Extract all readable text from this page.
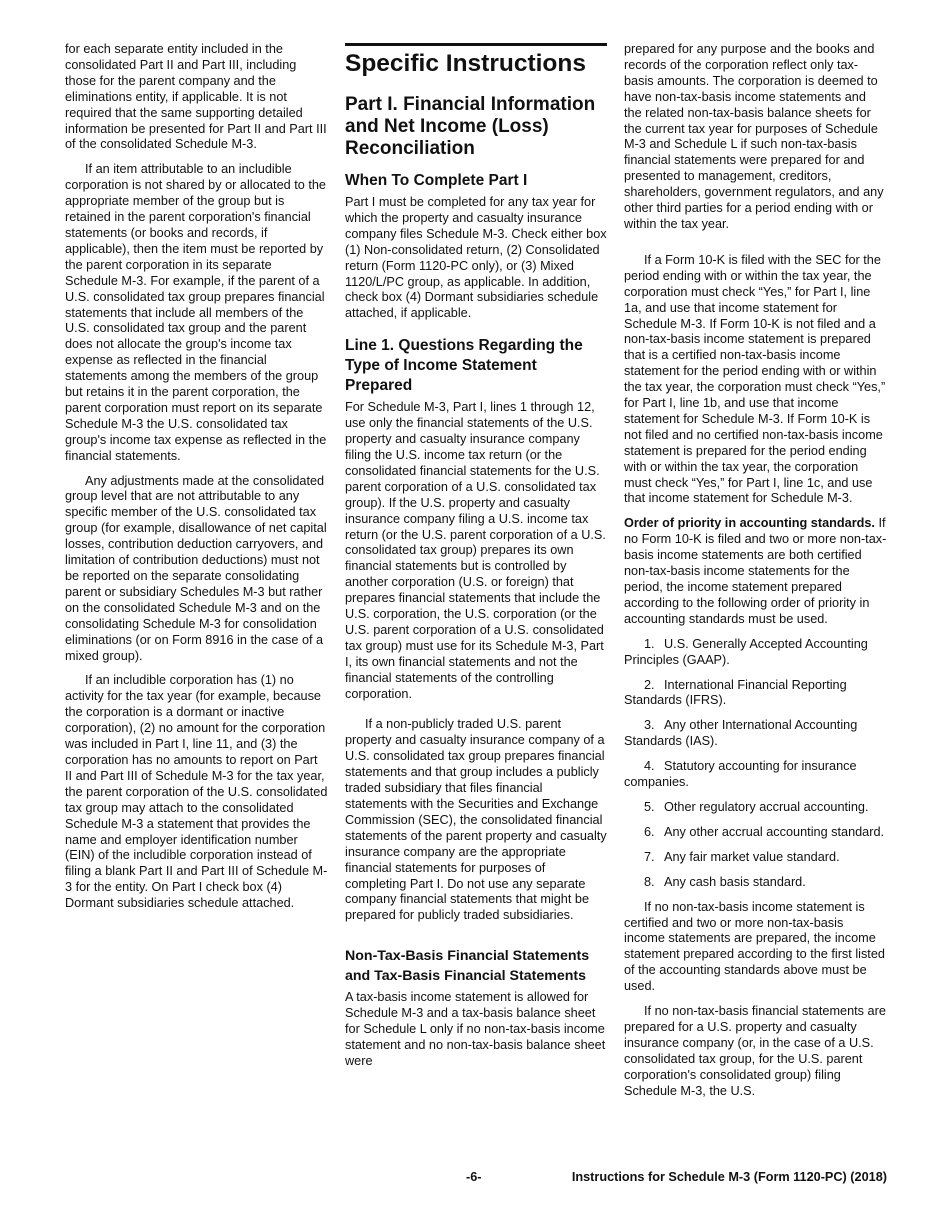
for each separate entity included in the consolidated Part II and Part III, including those for the parent company and the eliminations entity, if applicable. It is not required that the same supporting detailed information be presented for Part II and Part III of the consolidated Schedule M-3.

If an item attributable to an includible corporation is not shared by or allocated to the appropriate member of the group but is retained in the parent corporation's financial statements (or books and records, if applicable), then the item must be reported by the parent corporation in its separate Schedule M-3. For example, if the parent of a U.S. consolidated tax group prepares financial statements that include all members of the U.S. consolidated tax group and the parent does not allocate the group's income tax expense as reflected in the financial statements among the members of the group but retains it in the parent corporation, the parent corporation must report on its separate Schedule M-3 the U.S. consolidated tax group's income tax expense as reflected in the financial statements.

Any adjustments made at the consolidated group level that are not attributable to any specific member of the U.S. consolidated tax group (for example, disallowance of net capital losses, contribution deduction carryovers, and limitation of contribution deductions) must not be reported on the separate consolidating parent or subsidiary Schedules M-3 but rather on the consolidated Schedule M-3 and on the consolidating Schedule M-3 for consolidation eliminations (or on Form 8916 in the case of a mixed group).

If an includible corporation has (1) no activity for the tax year (for example, because the corporation is a dormant or inactive corporation), (2) no amount for the corporation was included in Part I, line 11, and (3) the corporation has no amounts to report on Part II and Part III of Schedule M-3 for the tax year, the parent corporation of the U.S. consolidated tax group may attach to the consolidated Schedule M-3 a statement that provides the name and employer identification number (EIN) of the includible corporation instead of filing a blank Part II and Part III of Schedule M-3 for the entity. On Part I check box (4) Dormant subsidiaries schedule attached.

Specific Instructions
Part I. Financial Information and Net Income (Loss) Reconciliation
When To Complete Part I

Part I must be completed for any tax year for which the property and casualty insurance company files Schedule M-3. Check either box (1) Non-consolidated return, (2) Consolidated return (Form 1120-PC only), or (3) Mixed 1120/L/PC group, as applicable. In addition, check box (4) Dormant subsidiaries schedule attached, if applicable.

Line 1. Questions Regarding the Type of Income Statement Prepared

For Schedule M-3, Part I, lines 1 through 12, use only the financial statements of the U.S. property and casualty insurance company filing the U.S. income tax return (or the consolidated financial statements for the U.S. parent corporation of a U.S. consolidated tax group). If the U.S. property and casualty insurance company filing a U.S. income tax return (or the U.S. parent corporation of a U.S. consolidated tax group) prepares its own financial statements but is controlled by another corporation (U.S. or foreign) that prepares financial statements that include the U.S. corporation, the U.S. corporation (or the U.S. parent corporation of a U.S. consolidated tax group) must use for its Schedule M-3, Part I, its own financial statements and not the financial statements of the controlling corporation.

If a non-publicly traded U.S. parent property and casualty insurance company of a U.S. consolidated tax group prepares financial statements and that group includes a publicly traded subsidiary that files financial statements with the Securities and Exchange Commission (SEC), the consolidated financial statements of the parent property and casualty insurance company are the appropriate financial statements for purposes of completing Part I. Do not use any separate company financial statements that might be prepared for publicly traded subsidiaries.

Non-Tax-Basis Financial Statements and Tax-Basis Financial Statements

A tax-basis income statement is allowed for Schedule M-3 and a tax-basis balance sheet for Schedule L only if no non-tax-basis income statement and no non-tax-basis balance sheet were

prepared for any purpose and the books and records of the corporation reflect only tax-basis amounts. The corporation is deemed to have non-tax-basis income statements and the related non-tax-basis balance sheets for the current tax year for purposes of Schedule M-3 and Schedule L if such non-tax-basis financial statements were prepared for and presented to management, creditors, shareholders, government regulators, and any other third parties for a period ending with or within the tax year.

If a Form 10-K is filed with the SEC for the period ending with or within the tax year, the corporation must check “Yes,” for Part I, line 1a, and use that income statement for Schedule M-3. If Form 10-K is not filed and a non-tax-basis income statement is prepared that is a certified non-tax-basis income statement for the period ending with or within the tax year, the corporation must check “Yes,” for Part I, line 1b, and use that income statement for Schedule M-3. If Form 10-K is not filed and no certified non-tax-basis income statement is prepared for the period ending with or within the tax year, the corporation must check “Yes,” for Part I, line 1c, and use that income statement for Schedule M-3.

Order of priority in accounting standards. If no Form 10-K is filed and two or more non-tax-basis income statements are both certified non-tax-basis income statements for the period, the income statement prepared according to the following order of priority in accounting standards must be used.

1. U.S. Generally Accepted Accounting Principles (GAAP).

2. International Financial Reporting Standards (IFRS).

3. Any other International Accounting Standards (IAS).

4. Statutory accounting for insurance companies.

5. Other regulatory accrual accounting.

6. Any other accrual accounting standard.

7. Any fair market value standard.

8. Any cash basis standard.

If no non-tax-basis income statement is certified and two or more non-tax-basis income statements are prepared, the income statement prepared according to the first listed of the accounting standards above must be used.

If no non-tax-basis financial statements are prepared for a U.S. property and casualty insurance company (or, in the case of a U.S. consolidated tax group, for the U.S. parent corporation's consolidated group) filing Schedule M-3, the U.S.

-6-	Instructions for Schedule M-3 (Form 1120-PC) (2018)
